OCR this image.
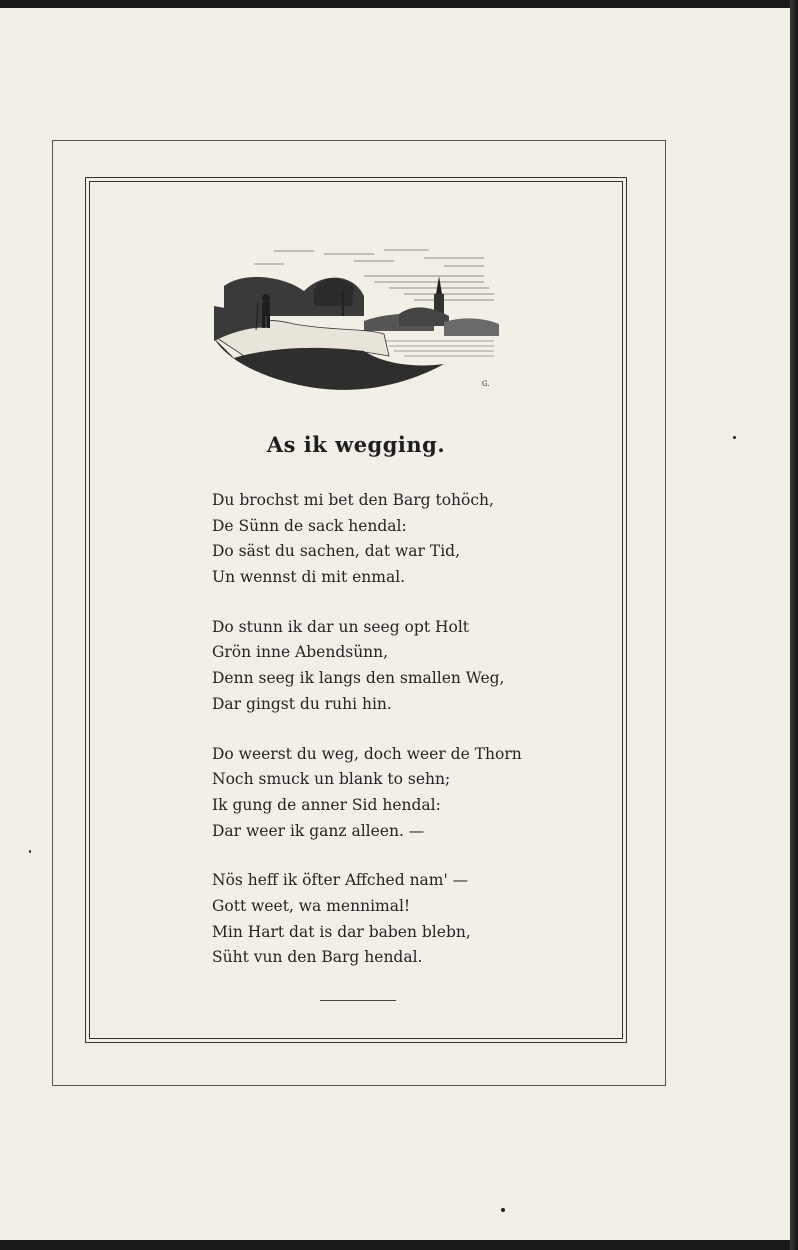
G.
As ik wegging.
Du brochst mi bet den Barg tohöch,
De Sünn de sack hendal:
Do säst du sachen, dat war Tid,
Un wennst di mit enmal.
Do stunn ik dar un seeg opt Holt
Grön inne Abendsünn,
Denn seeg ik langs den smallen Weg,
Dar gingst du ruhi hin.
Do weerst du weg, doch weer de Thorn
Noch smuck un blank to sehn;
Ik gung de anner Sid hendal:
Dar weer ik ganz alleen. —
Nös heff ik öfter Affched nam' —
Gott weet, wa mennimal!
Min Hart dat is dar baben blebn,
Süht vun den Barg hendal.
